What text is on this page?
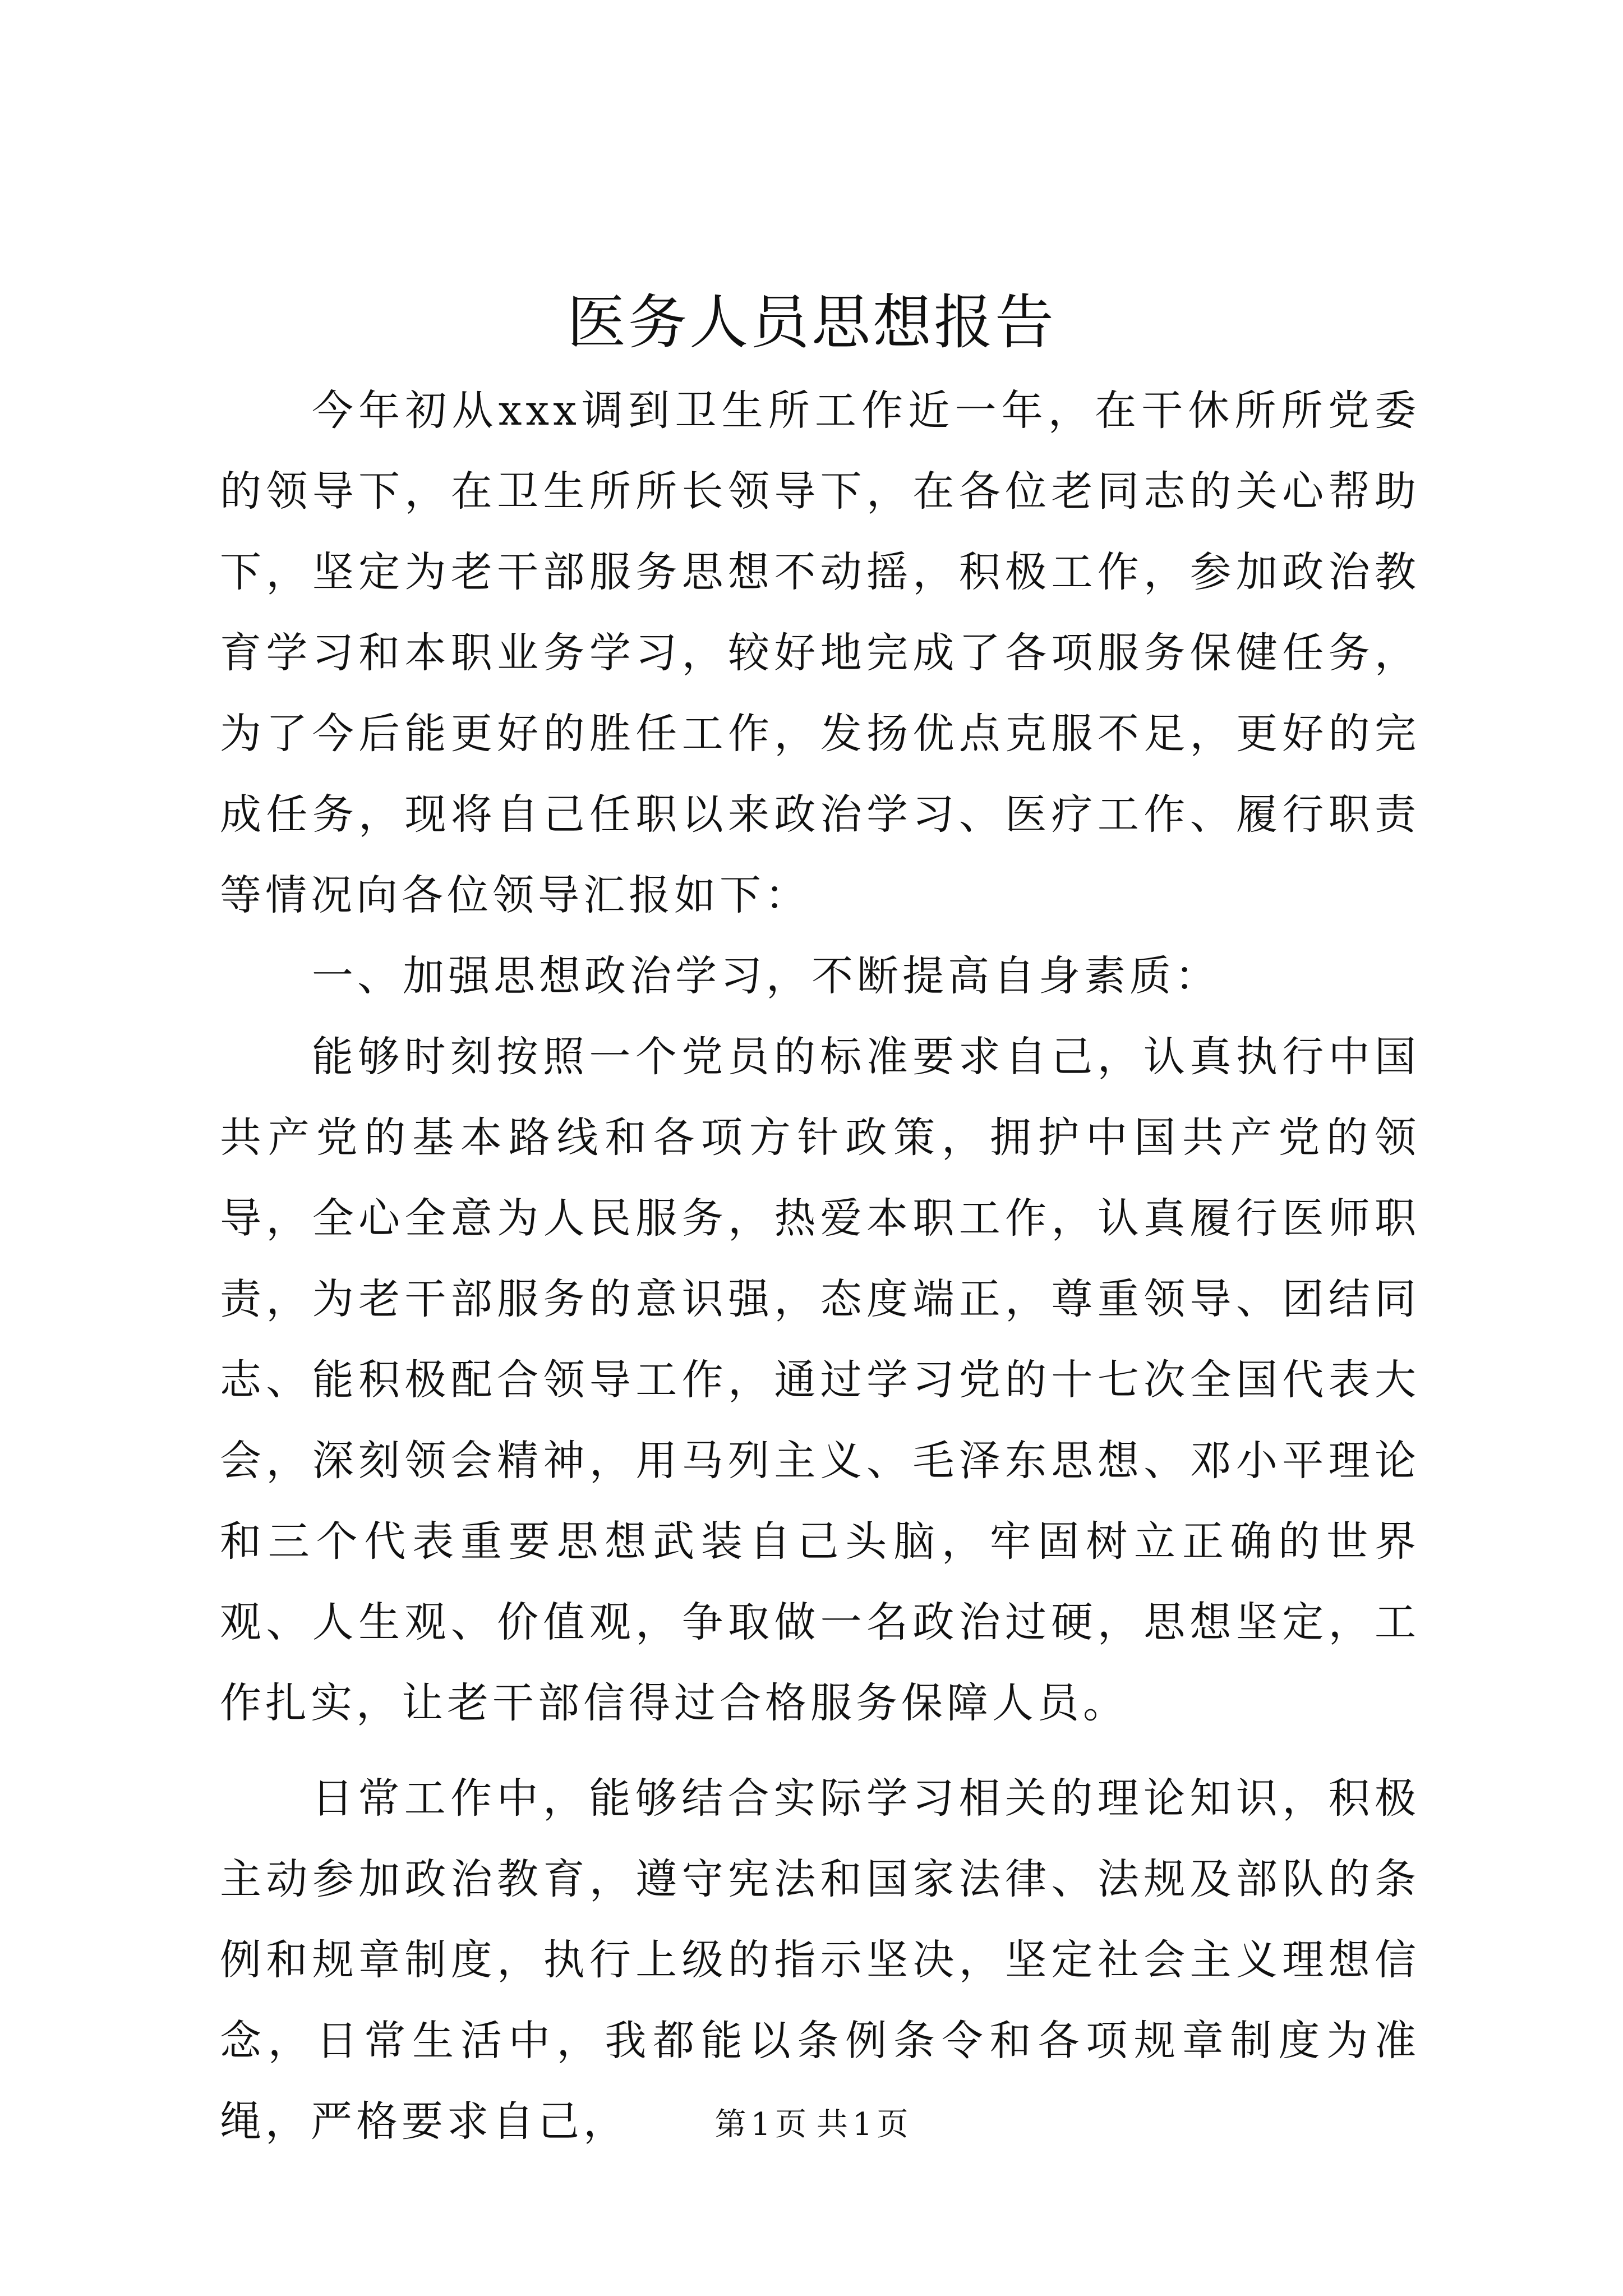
医务人员思想报告

今年初从xxx调到卫生所工作近一年，在干休所所党委的领导下，在卫生所所长领导下，在各位老同志的关心帮助下，坚定为老干部服务思想不动摇，积极工作，参加政治教育学习和本职业务学习，较好地完成了各项服务保健任务，为了今后能更好的胜任工作，发扬优点克服不足，更好的完成任务，现将自己任职以来政治学习、医疗工作、履行职责等情况向各位领导汇报如下：

一、加强思想政治学习，不断提高自身素质：

能够时刻按照一个党员的标准要求自己，认真执行中国共产党的基本路线和各项方针政策，拥护中国共产党的领导，全心全意为人民服务，热爱本职工作，认真履行医师职责，为老干部服务的意识强，态度端正，尊重领导、团结同志、能积极配合领导工作，通过学习党的十七次全国代表大会，深刻领会精神，用马列主义、毛泽东思想、邓小平理论和三个代表重要思想武装自己头脑，牢固树立正确的世界观、人生观、价值观，争取做一名政治过硬，思想坚定，工作扎实，让老干部信得过合格服务保障人员。

日常工作中，能够结合实际学习相关的理论知识，积极主动参加政治教育，遵守宪法和国家法律、法规及部队的条例和规章制度，执行上级的指示坚决，坚定社会主义理想信念，日常生活中，我都能以条例条令和各项规章制度为准绳，严格要求自己，	第 1 页 共 1 页
